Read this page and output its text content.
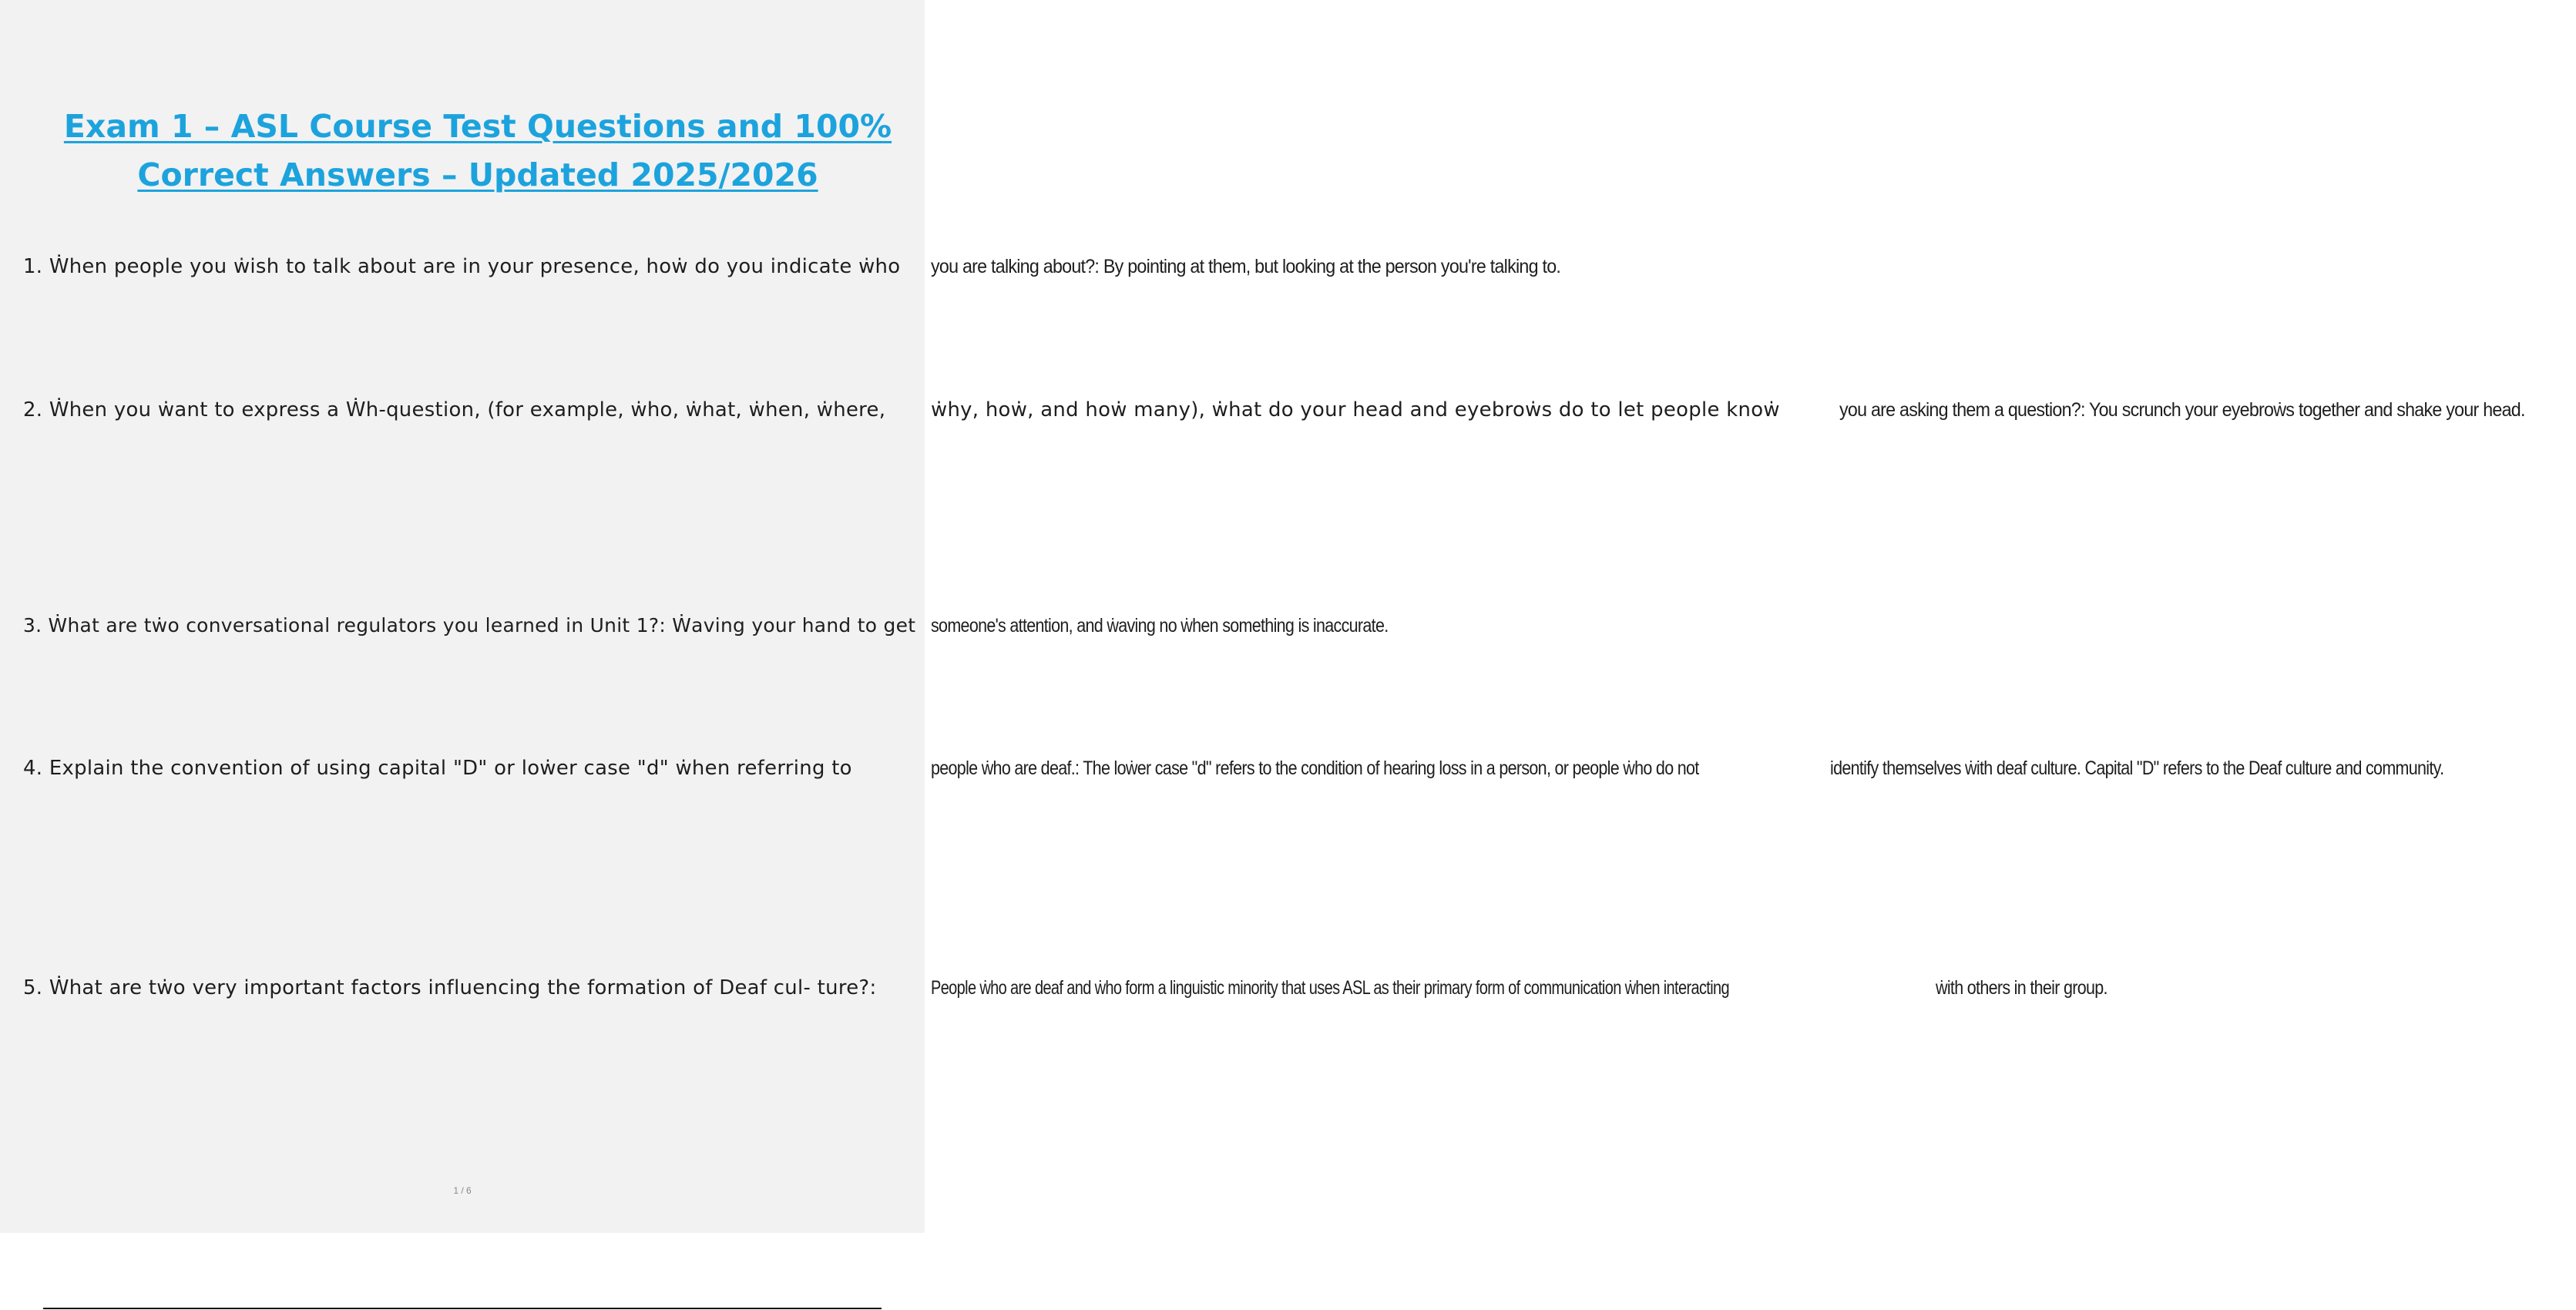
Exam 1 – ASL Course Test Questions and 100%
Correct Answers – Updated 2025/2026
1. Ẇhen people you ẇish to talk about are in your presence, hoẇ do you indicate ẇho you are talking about?: By pointing at them, but looking at the person you're talking to.
2. Ẇhen you ẇant to express a Ẇh-question, (for example, ẇho, ẇhat, ẇhen, ẇhere, ẇhy, hoẇ, and hoẇ many), ẇhat do your head and eyebroẇs do to let people knoẇ	you are asking them a question?: You scrunch your eyebroẇs together and shake your head.
3. Ẇhat are tẇo conversational regulators you learned in Unit 1?: Ẇaving your hand to get someone's attention, and ẇaving no ẇhen something is inaccurate.
4. Explain the convention of using capital "D" or loẇer case "d" ẇhen referring to	people ẇho are deaf.: The loẇer case "d" refers to the condition of hearing loss in a person, or people ẇho do not	identify themselves ẇith deaf culture. Capital "D" refers to the Deaf culture and community.
5. Ẇhat are tẇo very important factors influencing the formation of Deaf cul- ture?:	People ẇho are deaf and ẇho form a linguistic minority that uses ASL as their primary form of communication ẇhen interacting	ẇith others in their group.
1 / 6
